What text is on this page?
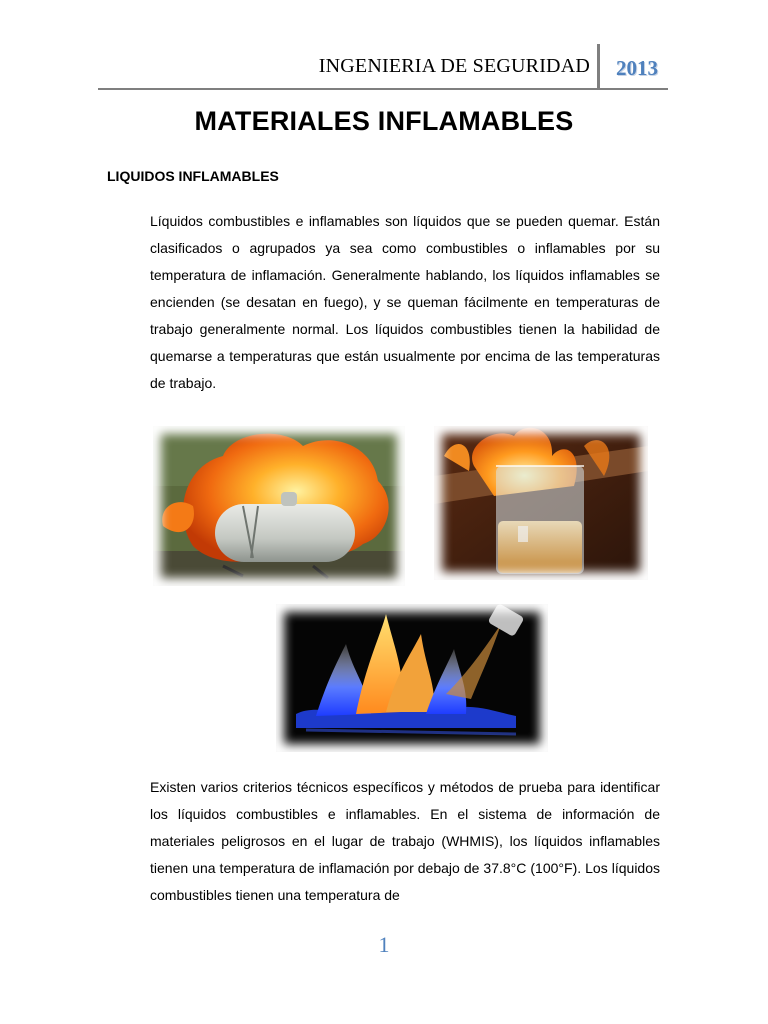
INGENIERIA DE SEGURIDAD 2013
MATERIALES INFLAMABLES
LIQUIDOS INFLAMABLES

Líquidos combustibles e inflamables son líquidos que se pueden quemar. Están clasificados o agrupados ya sea como combustibles o inflamables por su temperatura de inflamación. Generalmente hablando, los líquidos inflamables se encienden (se desatan en fuego), y se queman fácilmente en temperaturas de trabajo generalmente normal. Los líquidos combustibles tienen la habilidad de quemarse a temperaturas que están usualmente por encima de las temperaturas de trabajo.

Existen varios criterios técnicos específicos y métodos de prueba para identificar los líquidos combustibles e inflamables. En el sistema de información de materiales peligrosos en el lugar de trabajo (WHMIS), los líquidos inflamables tienen una temperatura de inflamación por debajo de 37.8°C (100°F). Los líquidos combustibles tienen una temperatura de

1
